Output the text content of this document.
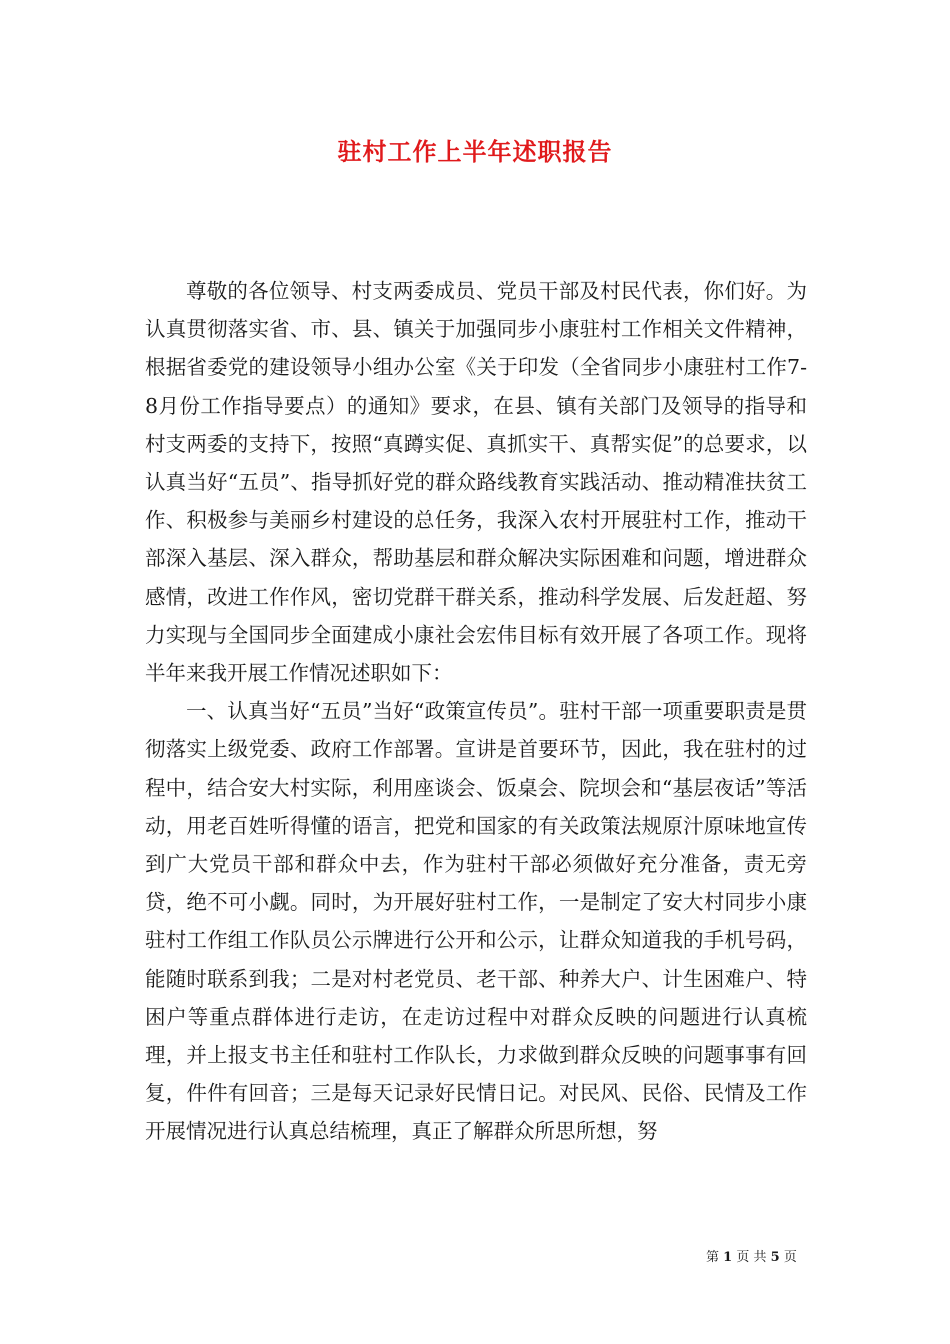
驻村工作上半年述职报告

尊敬的各位领导、村支两委成员、党员干部及村民代表，你们好。为认真贯彻落实省、市、县、镇关于加强同步小康驻村工作相关文件精神，根据省委党的建设领导小组办公室《关于印发（全省同步小康驻村工作7-8月份工作指导要点）的通知》要求，在县、镇有关部门及领导的指导和村支两委的支持下，按照“真蹲实促、真抓实干、真帮实促”的总要求，以认真当好“五员”、指导抓好党的群众路线教育实践活动、推动精准扶贫工作、积极参与美丽乡村建设的总任务，我深入农村开展驻村工作，推动干部深入基层、深入群众，帮助基层和群众解决实际困难和问题，增进群众感情，改进工作作风，密切党群干群关系，推动科学发展、后发赶超、努力实现与全国同步全面建成小康社会宏伟目标有效开展了各项工作。现将半年来我开展工作情况述职如下：

一、认真当好“五员”当好“政策宣传员”。驻村干部一项重要职责是贯彻落实上级党委、政府工作部署。宣讲是首要环节，因此，我在驻村的过程中，结合安大村实际，利用座谈会、饭桌会、院坝会和“基层夜话”等活动，用老百姓听得懂的语言，把党和国家的有关政策法规原汁原味地宣传到广大党员干部和群众中去，作为驻村干部必须做好充分准备，责无旁贷，绝不可小觑。同时，为开展好驻村工作，一是制定了安大村同步小康驻村工作组工作队员公示牌进行公开和公示，让群众知道我的手机号码，能随时联系到我；二是对村老党员、老干部、种养大户、计生困难户、特困户等重点群体进行走访，在走访过程中对群众反映的问题进行认真梳理，并上报支书主任和驻村工作队长，力求做到群众反映的问题事事有回复，件件有回音；三是每天记录好民情日记。对民风、民俗、民情及工作开展情况进行认真总结梳理，真正了解群众所思所想，努

第 1 页 共 5 页
